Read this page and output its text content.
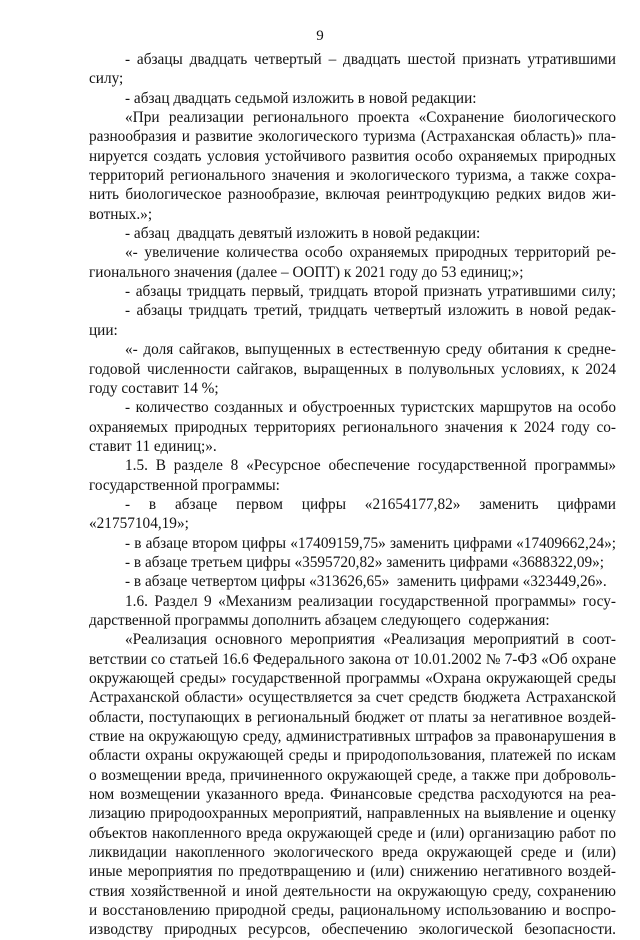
9
- абзацы двадцать четвертый – двадцать шестой признать утратившими
силу;
- абзац двадцать седьмой изложить в новой редакции:
«При реализации регионального проекта «Сохранение биологического
разнообразия и развитие экологического туризма (Астраханская область)» пла-
нируется создать условия устойчивого развития особо охраняемых природных
территорий регионального значения и экологического туризма, а также сохра-
нить биологическое разнообразие, включая реинтродукцию редких видов жи-
вотных.»;
- абзац  двадцать девятый изложить в новой редакции:
«- увеличение количества особо охраняемых природных территорий ре-
гионального значения (далее – ООПТ) к 2021 году до 53 единиц;»;
- абзацы тридцать первый, тридцать второй признать утратившими силу;
- абзацы тридцать третий, тридцать четвертый изложить в новой редак-
ции:
«- доля сайгаков, выпущенных в естественную среду обитания к средне-
годовой численности сайгаков, выращенных в полувольных условиях, к 2024
году составит 14 %;
- количество созданных и обустроенных туристских маршрутов на особо
охраняемых природных территориях регионального значения к 2024 году со-
ставит 11 единиц;».
1.5. В разделе 8 «Ресурсное обеспечение государственной программы»
государственной программы:
- в абзаце первом цифры «21654177,82» заменить цифрами
«21757104,19»;
- в абзаце втором цифры «17409159,75» заменить цифрами «17409662,24»;
- в абзаце третьем цифры «3595720,82» заменить цифрами «3688322,09»;
- в абзаце четвертом цифры «313626,65»  заменить цифрами «323449,26».
1.6. Раздел 9 «Механизм реализации государственной программы» госу-
дарственной программы дополнить абзацем следующего  содержания:
«Реализация основного мероприятия «Реализация мероприятий в соот-
ветствии со статьей 16.6 Федерального закона от 10.01.2002 № 7-ФЗ «Об охране
окружающей среды» государственной программы «Охрана окружающей среды
Астраханской области» осуществляется за счет средств бюджета Астраханской
области, поступающих в региональный бюджет от платы за негативное воздей-
ствие на окружающую среду, административных штрафов за правонарушения в
области охраны окружающей среды и природопользования, платежей по искам
о возмещении вреда, причиненного окружающей среде, а также при доброволь-
ном возмещении указанного вреда. Финансовые средства расходуются на реа-
лизацию природоохранных мероприятий, направленных на выявление и оценку
объектов накопленного вреда окружающей среде и (или) организацию работ по
ликвидации накопленного экологического вреда окружающей среде и (или)
иные мероприятия по предотвращению и (или) снижению негативного воздей-
ствия хозяйственной и иной деятельности на окружающую среду, сохранению
и восстановлению природной среды, рациональному использованию и воспро-
изводству природных ресурсов, обеспечению экологической безопасности.
